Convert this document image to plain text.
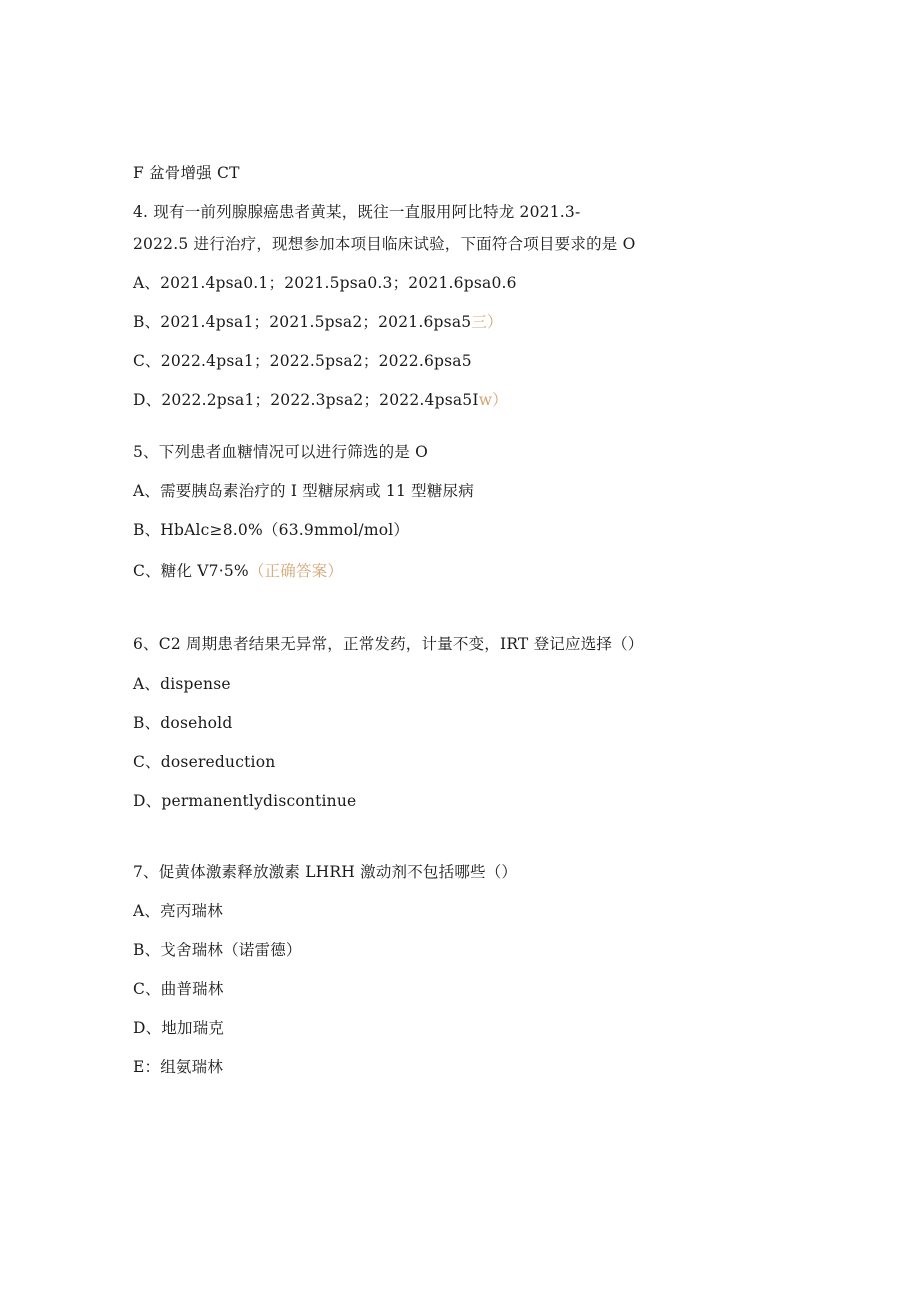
F 盆骨增强 CT
4. 现有一前列腺腺癌患者黄某，既往一直服用阿比特龙 2021.3-
2022.5 进行治疗，现想参加本项目临床试验，下面符合项目要求的是 O
A、2021.4psa0.1；2021.5psa0.3；2021.6psa0.6
B、2021.4psa1；2021.5psa2；2021.6psa5三）
C、2022.4psa1；2022.5psa2；2022.6psa5
D、2022.2psa1；2022.3psa2；2022.4psa5Iw）
5、下列患者血糖情况可以进行筛选的是 O
A、需要胰岛素治疗的 I 型糖尿病或 11 型糖尿病
B、HbAlc≥8.0%（63.9mmol/mol）
C、糖化 V7·5%（正确答案）
6、C2 周期患者结果无异常，正常发药，计量不变，IRT 登记应选择（）
A、dispense
B、dosehold
C、dosereduction
D、permanentlydiscontinue
7、促黄体激素释放激素 LHRH 激动剂不包括哪些（）
A、亮丙瑞林
B、戈舍瑞林（诺雷德）
C、曲普瑞林
D、地加瑞克
E：组氨瑞林
